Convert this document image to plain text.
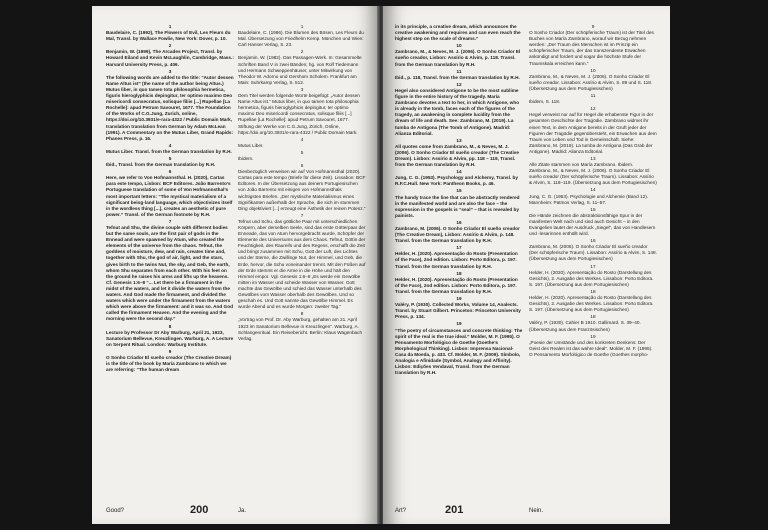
1

Baudelaire, C. (1992), The Flowers of Evil, Les Fleurs du Mal, Transl. by Wallace Fowlie, New York: Dover, p. 10.

2

Benjamin, W. (1999), The Arcades Project, Transl. by Howard Eiland and Kevin McLaughlin, Cambridge, Mass.: Harvard University Press, p. 406.

3

The following words are added to the title: “Autor dessen Name Altus ist” (the name of the author being Altus.) Mutus liber, in quo tamen tota philosophia hermetica, figuris hieroglyphicis depingitur, ter optimo maximo Deo misericordi consecratus, solisque filiis [...] Rupellae [La Rochelle]: apud Petrum Savouret, 1677. The Foundation of the Works of C.G.Jung, Zurich, online, https://doi.org/10.3931/e-rara-4322 / Public Domain Mark, translation translation from German by Adam McLean (1991). A Commentary on the Mutus Liber, Grand Rapids: Phanes Press, p. 16.

4

Mutus Liber. Transl. from the German translation by R.H.

5

Ibid., Transl. from the German translation by R.H.

6

Here, we refer to Von Hofmannsthal. H. (2020), Cartas para este tempo, Lisbon: BCF Editores. João Barrento’s Portuguese translation of some of Von Hofmannsthal’s most important letters: “The mystical materialism of a significant being-land language, which objectivizes itself in the wordless thing [...], creates an aesthetic of pure power.” Transl. of the German footnote by R.H.

7

Tefnut and Shu, the divine couple with different bodies but the same souls, are the first pair of gods in the Ennead and were spawned by Atum, who created the elements of the universe from the chaos. Tefnut, the goddess of moisture, dew, and rain, creates time and, together with Shu, the god of air, light, and the stars, gives birth to the twins Nut, the sky, and Geb, the earth, whom Shu separates from each other. With his feet on the ground he raises his arms and lifts up the heavens. Cf. Genesis 1:6–8 “... Let there be a firmament in the midst of the waters, and let it divide the waters from the waters. And God made the firmament, and divided the waters which were under the firmament from the waters which were above the firmament: and it was so. And God called the firmament Heaven. And the evening and the morning were the second day.”

8

Lecture by Professor Dr Aby Warburg, April 21, 1923, Sanatorium Bellevue, Kreuzlingen. Warburg, A. A Lecture on Serpent Ritual. London: Warburg Institute.

9

O Sonho Criador El sueño creador (The Creative Dream) is the title of the book by María Zambrano to which we are referring: “The human dream

1

Baudelaire, C. (1986). Die Blumen des Bösen, Les Fleurs du Mal. Übersetzung von Friedhelm Kemp. München und Wien: Carl Hanser Verlag, S. 23.

2

Benjamin, W. (1982). Das Passagen-Werk. In: Gesammelte Schriften Band V in zwei Bänden; hg. von Rolf Tiedemann und Hermann Schweppenhäuser, unter Mitwirkung von Theodor W. Adorno und Gershom Scholem. Frankfurt am Main: Suhrkamp Verlag, S. 512.

3

Dem Titel werden folgende Worte beigefügt: „Autor dessen Name Altus ist.“ Mutus liber, in quo tamen tota philosophia hermetica, figuris hieroglyphicis depingitur, ter optimo maximo Deo misericordi consecratus, solisque filiis [...] Rupellae [La Rochelle]: apud Petrum Savouret, 1677. Stiftung der Werke von C.G.Jung, Zürich, Online, https://doi.org/10.3931/e-rara-4322 / Public Domain Mark.

4

Mutus Liber.

5

Ibidem.

6

Diesbezüglich verweisen wir auf Von Hofmannsthal (2020). Cartas para este tempo (Briefe für diese Zeit). Lissabon: BCF Editores. In der Übersetzung aus deinem Portugiesischen von João Barrento mit einigen von Hofmannsthals wichtigsten Briefen. „Der mystische Materialismus eines Signifikanten außerhalb der Sprache, die sich im stummen Ding objektiviert [...] erzeugt eine Ästhetik der reinen Potenz.“

7

Tefnut und Schu, das göttliche Paar mit unterschiedlichen Körpern, aber derselben Seele, sind das erste Götterpaar der Enneade, das von Atum hervorgebracht wurde, Schöpfer der Elemente des Universums aus dem Chaos. Tefnut, Göttin der Feuchtigkeit, des Raureifs und des Regens, erschafft die Zeit und bringt zusammen mit Schu, Gott der Luft, des Lichtes und der Sterne, die Zwillinge Nut, der Himmel, und Geb, die Erde, hervor, die Schu voneinander trennt. Mit den Füßen auf der Erde stemmt er die Arme in die Höhe und hält den Himmel empor. Vgl. Genesis 1:6–8 „Es werde ein Gewölbe mitten im Wasser und scheide Wasser von Wasser. Gott machte das Gewölbe und schied das Wasser unterhalb des Gewölbes vom Wasser oberhalb des Gewölbes. Und so geschah es. Und Gott nannte das Gewölbe Himmel. Es wurde Abend und es wurde Morgen: zweiter Tag.“

8

„Vortrag von Prof. Dr. Aby Warburg, gehalten am 21. April 1923 im Sanatorium Bellevue in Kreuzlingen“. Warburg, A. Schlangenritual. Ein Reisebericht. Berlin: Klaus Wagenbach Verlag.

Good?	200	Ja.

in its principle, a creative dream, which announces the creative awakening and requires and can even reach the highest step on the scale of dreams.”

10

Zambrano, M., & Neves, M. J. (2006). O Sonho Criador El sueño creador, Lisbon: Assírio & Alvim, p. 118. Transl. from the German translation by R.H.

11

Ibid., p. 118, Transl. from the German translation by R.H.

12

Hegel also considered Antigone to be the most sublime figure in the entire history of the tragedy. María Zambrano devotes a text to her, in which Antigone, who is already in the tomb, faces each of the figures of the tragedy, an awakening in complete lucidity from the dream of life and death. See: Zambrano, M. (2019). La tumba de Antígona (The Tomb of Antigone). Madrid: Alianza Editorial.

13

All quotes come from Zambrano, M., & Neves, M. J. (2006). O Sonho Criador El sueño creador (The Creative Dream). Lisbon: Assírio & Alvim, pp. 118 – 119, Transl. from the German translation by R.H.

14

Jung, C. G. (1953). Psychology and Alchemy, Transl. by R.F.C.Hull. New York: Pantheon Books, p. 46.

15

The handy trace the line that can be abstractly rendered in the manifested world and are also the face – the expression in the gospels is “seal” – that is revealed by painists.

16

Zambrano, M. (2006). O Sonho Criador El sueño creador (The Creative Dream), Lisbon: Assírio & Alvim, p. 148. Transl. from the German translation by R.H.

17

Helder, H. (2020). Apresentação do Rosto (Presentation of the Face), 2nd edition. Lisbon: Porto Editora, p. 197. Transl. from the German translation by R.H.

18

Helder, H. (2020). Apresentação do Rosto (Presentation of the Face), 2nd edition. Lisbon: Porto Editora, p. 197. Transl. from the German translation by R.H.

19

Valéry, P. (1930). Collected Works, Volume 14, Analects. Transl. by Stuart Gilbert. Princeton: Princeton University Press, p. 134.

19

“The poetry of circumstances and concrete thinking: The spirit of the real is the true ideal.” Molder, M. F. (1995). O Pensamento Morfológico de Goethe (Goethe’s Morphological Thinking). Lisbon: Imprensa Nacional-Casa da Moeda, p. 433. Cf. Molder, M. F. (2009). Símbolo, Analogia e Afinidade (Symbol, Analogy and Affinity). Lisbon: Edições Vendaval, Transl. from the German translation by R.H.

9

O Sonho Criador (Der schöpferische Traum) ist der Titel des Buches von María Zambrano, worauf wir Bezug nehmen werden: „Der Traum des Menschen ist im Prinzip ein schöpferischer Traum, der das transzendente Erwachen ankündigt und fordert und sogar die höchste Stufe der Traumskala erreichen kann.“

10

Zambrano, M., & Neves, M. J. (2006). O Sonho Criador El sueño creador. Lissabon: Assírio & Alvim, S. 89 und S. 118. (Übersetzung aus dem Portugiesischen)

11

Ibidem, S. 118.

12

Hegel verweist nur auf für Hegel die erhabenste Figur in der gesamten Geschichte der Tragödie. Zambrano widmet ihr einen Text, in dem Antigone bereits in der Gruft jeder der Figuren der Tragödie gegenübersteht, ein Erwachen aus dem Traum von Leben und Tod in Gemeinschaft. Siehe: Zambrano, M. (2019). La tumba de Antígona (Das Grab der Antigone). Madrid: Alianza Editorial.

13

Alle Zitate stammen von María Zambrano. Ibidem. Zambrano, M., & Neves, M. J. (2006). O Sonho Criador El sueño creador (Der schöpferische Traum). Lissabon: Assírio & Alvim, S. 118–119. (Übersetzung aus dem Portugiesischen)

14

Jung, C. G. (1953). Psychologie und Alchemie (Band 12). Mannheim: Patmos Verlag, S. 11–57.

15

Die Hände zeichnen die abstraktionsfähige Spur in der manifesten Welt nach und sind auch Gesicht – in den Evangelien lautet der Ausdruck „Siegel“, das von Handlesern und -lesarinnen enthüllt wird.

16

Zambrano, M. (2006). O Sonho Criador El sueño creador (Der schöpferische Traum). Lissabon: Assírio & Alvim, S. 148. (Übersetzung aus dem Portugiesischen)

17

Helder, H. (2020). Apresentação do Rosto (Darstellung des Gesichts), 2. Ausgabe des Werkes. Lissabon: Porto Editora. S. 197. (Übersetzung aus dem Portugiesischen)

18

Helder, H. (2020). Apresentação do Rosto (Darstellung des Gesichts), 2. Ausgabe des Werkes. Lissabon: Porto Editora. S. 197. (Übersetzung aus dem Portugiesischen)

18

Valéry, P. (1930). Cahier B 1910. Gallimard. S. 39–40. (Übersetzung aus dem Französischen)

19

„Poesie der Umstände und des konkreten Denkens: Der Geist des Realen ist das wahre Ideal“. Molder, M. F. (1995). O Pensamento Morfológico de Goethe (Goethes morpho-

Art?	201	Nein.
